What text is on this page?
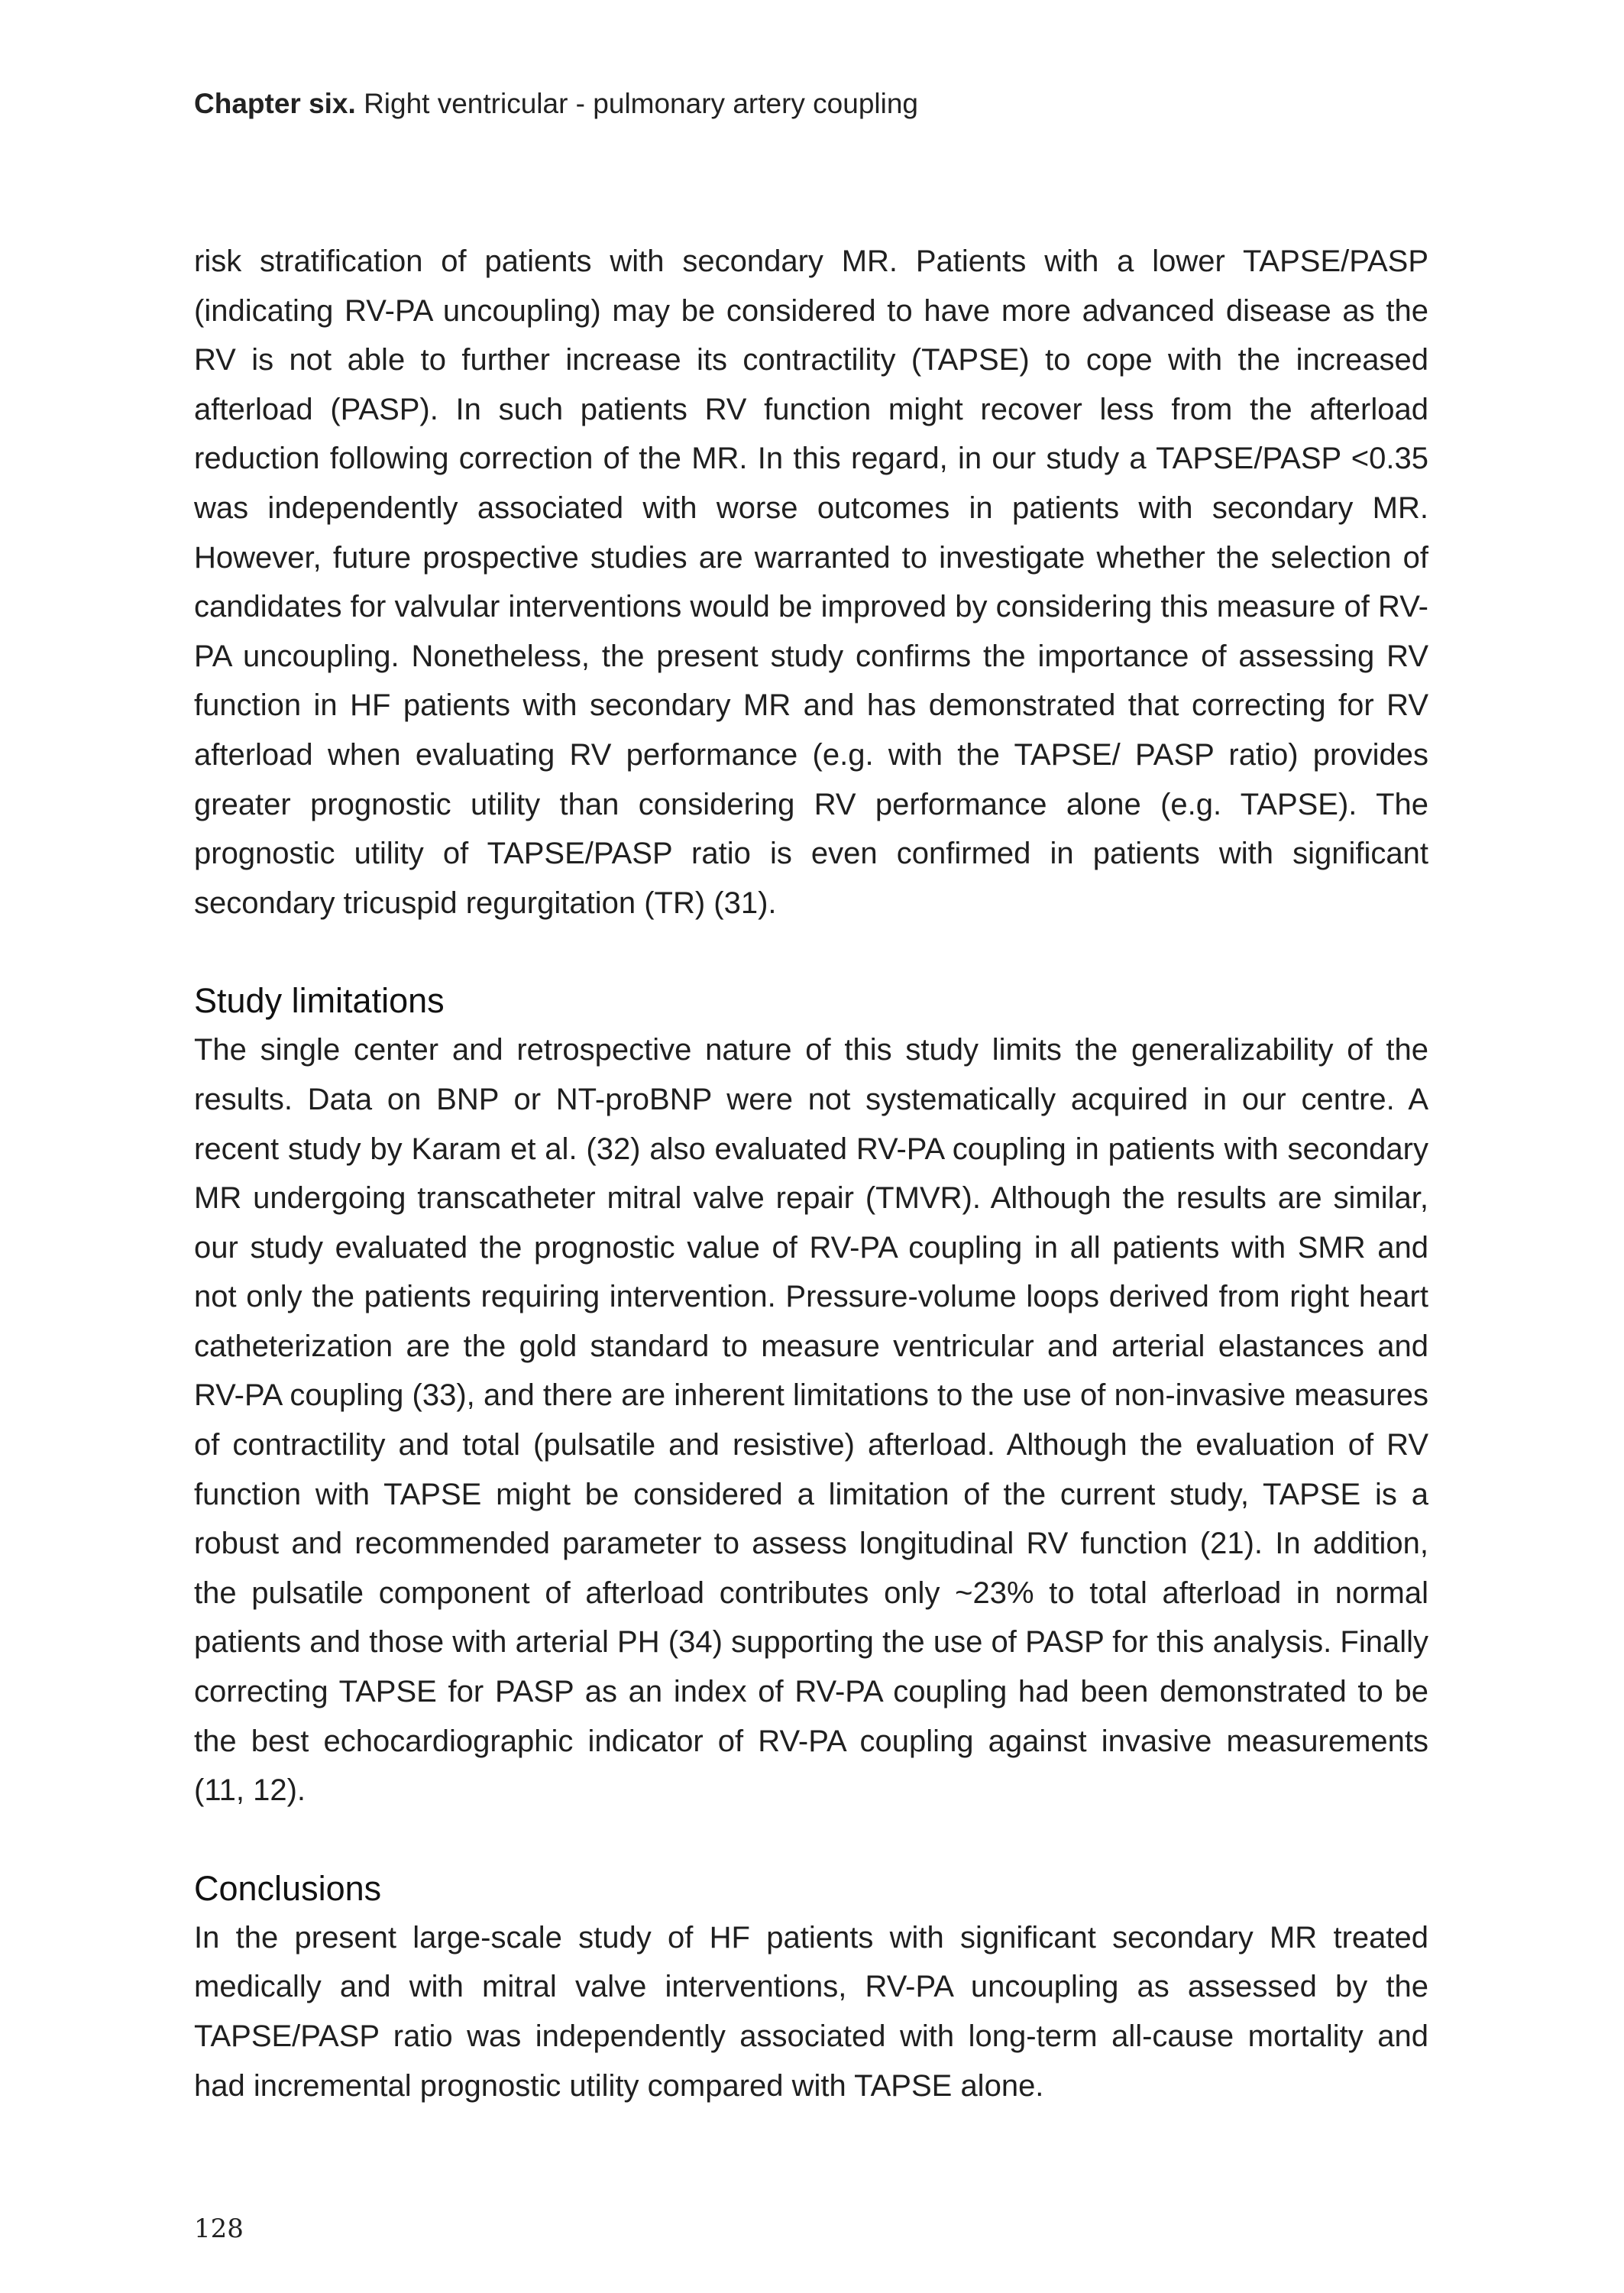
Chapter six. Right ventricular - pulmonary artery coupling

risk stratification of patients with secondary MR. Patients with a lower TAPSE/PASP (indicating RV-PA uncoupling) may be considered to have more advanced disease as the RV is not able to further increase its contractility (TAPSE) to cope with the increased afterload (PASP). In such patients RV function might recover less from the afterload reduction following correction of the MR. In this regard, in our study a TAPSE/PASP <0.35 was independently associated with worse outcomes in patients with secondary MR. However, future prospective studies are warranted to investigate whether the selection of candidates for valvular interventions would be improved by considering this measure of RV-PA uncoupling. Nonetheless, the present study confirms the importance of assessing RV function in HF patients with secondary MR and has demonstrated that correcting for RV afterload when evaluating RV performance (e.g. with the TAPSE/ PASP ratio) provides greater prognostic utility than considering RV performance alone (e.g. TAPSE). The prognostic utility of TAPSE/PASP ratio is even confirmed in patients with significant secondary tricuspid regurgitation (TR) (31).

Study limitations

The single center and retrospective nature of this study limits the generalizability of the results. Data on BNP or NT-proBNP were not systematically acquired in our centre. A recent study by Karam et al. (32) also evaluated RV-PA coupling in patients with secondary MR undergoing transcatheter mitral valve repair (TMVR). Although the results are similar, our study evaluated the prognostic value of RV-PA coupling in all patients with SMR and not only the patients requiring intervention. Pressure-volume loops derived from right heart catheterization are the gold standard to measure ventricular and arterial elastances and RV-PA coupling (33), and there are inherent limitations to the use of non-invasive measures of contractility and total (pulsatile and resistive) afterload. Although the evaluation of RV function with TAPSE might be considered a limitation of the current study, TAPSE is a robust and recommended parameter to assess longitudinal RV function (21). In addition, the pulsatile component of afterload contributes only ~23% to total afterload in normal patients and those with arterial PH (34) supporting the use of PASP for this analysis. Finally correcting TAPSE for PASP as an index of RV-PA coupling had been demonstrated to be the best echocardiographic indicator of RV-PA coupling against invasive measurements (11, 12).

Conclusions

In the present large-scale study of HF patients with significant secondary MR treated medically and with mitral valve interventions, RV-PA uncoupling as assessed by the TAPSE/PASP ratio was independently associated with long-term all-cause mortality and had incremental prognostic utility compared with TAPSE alone.

128
